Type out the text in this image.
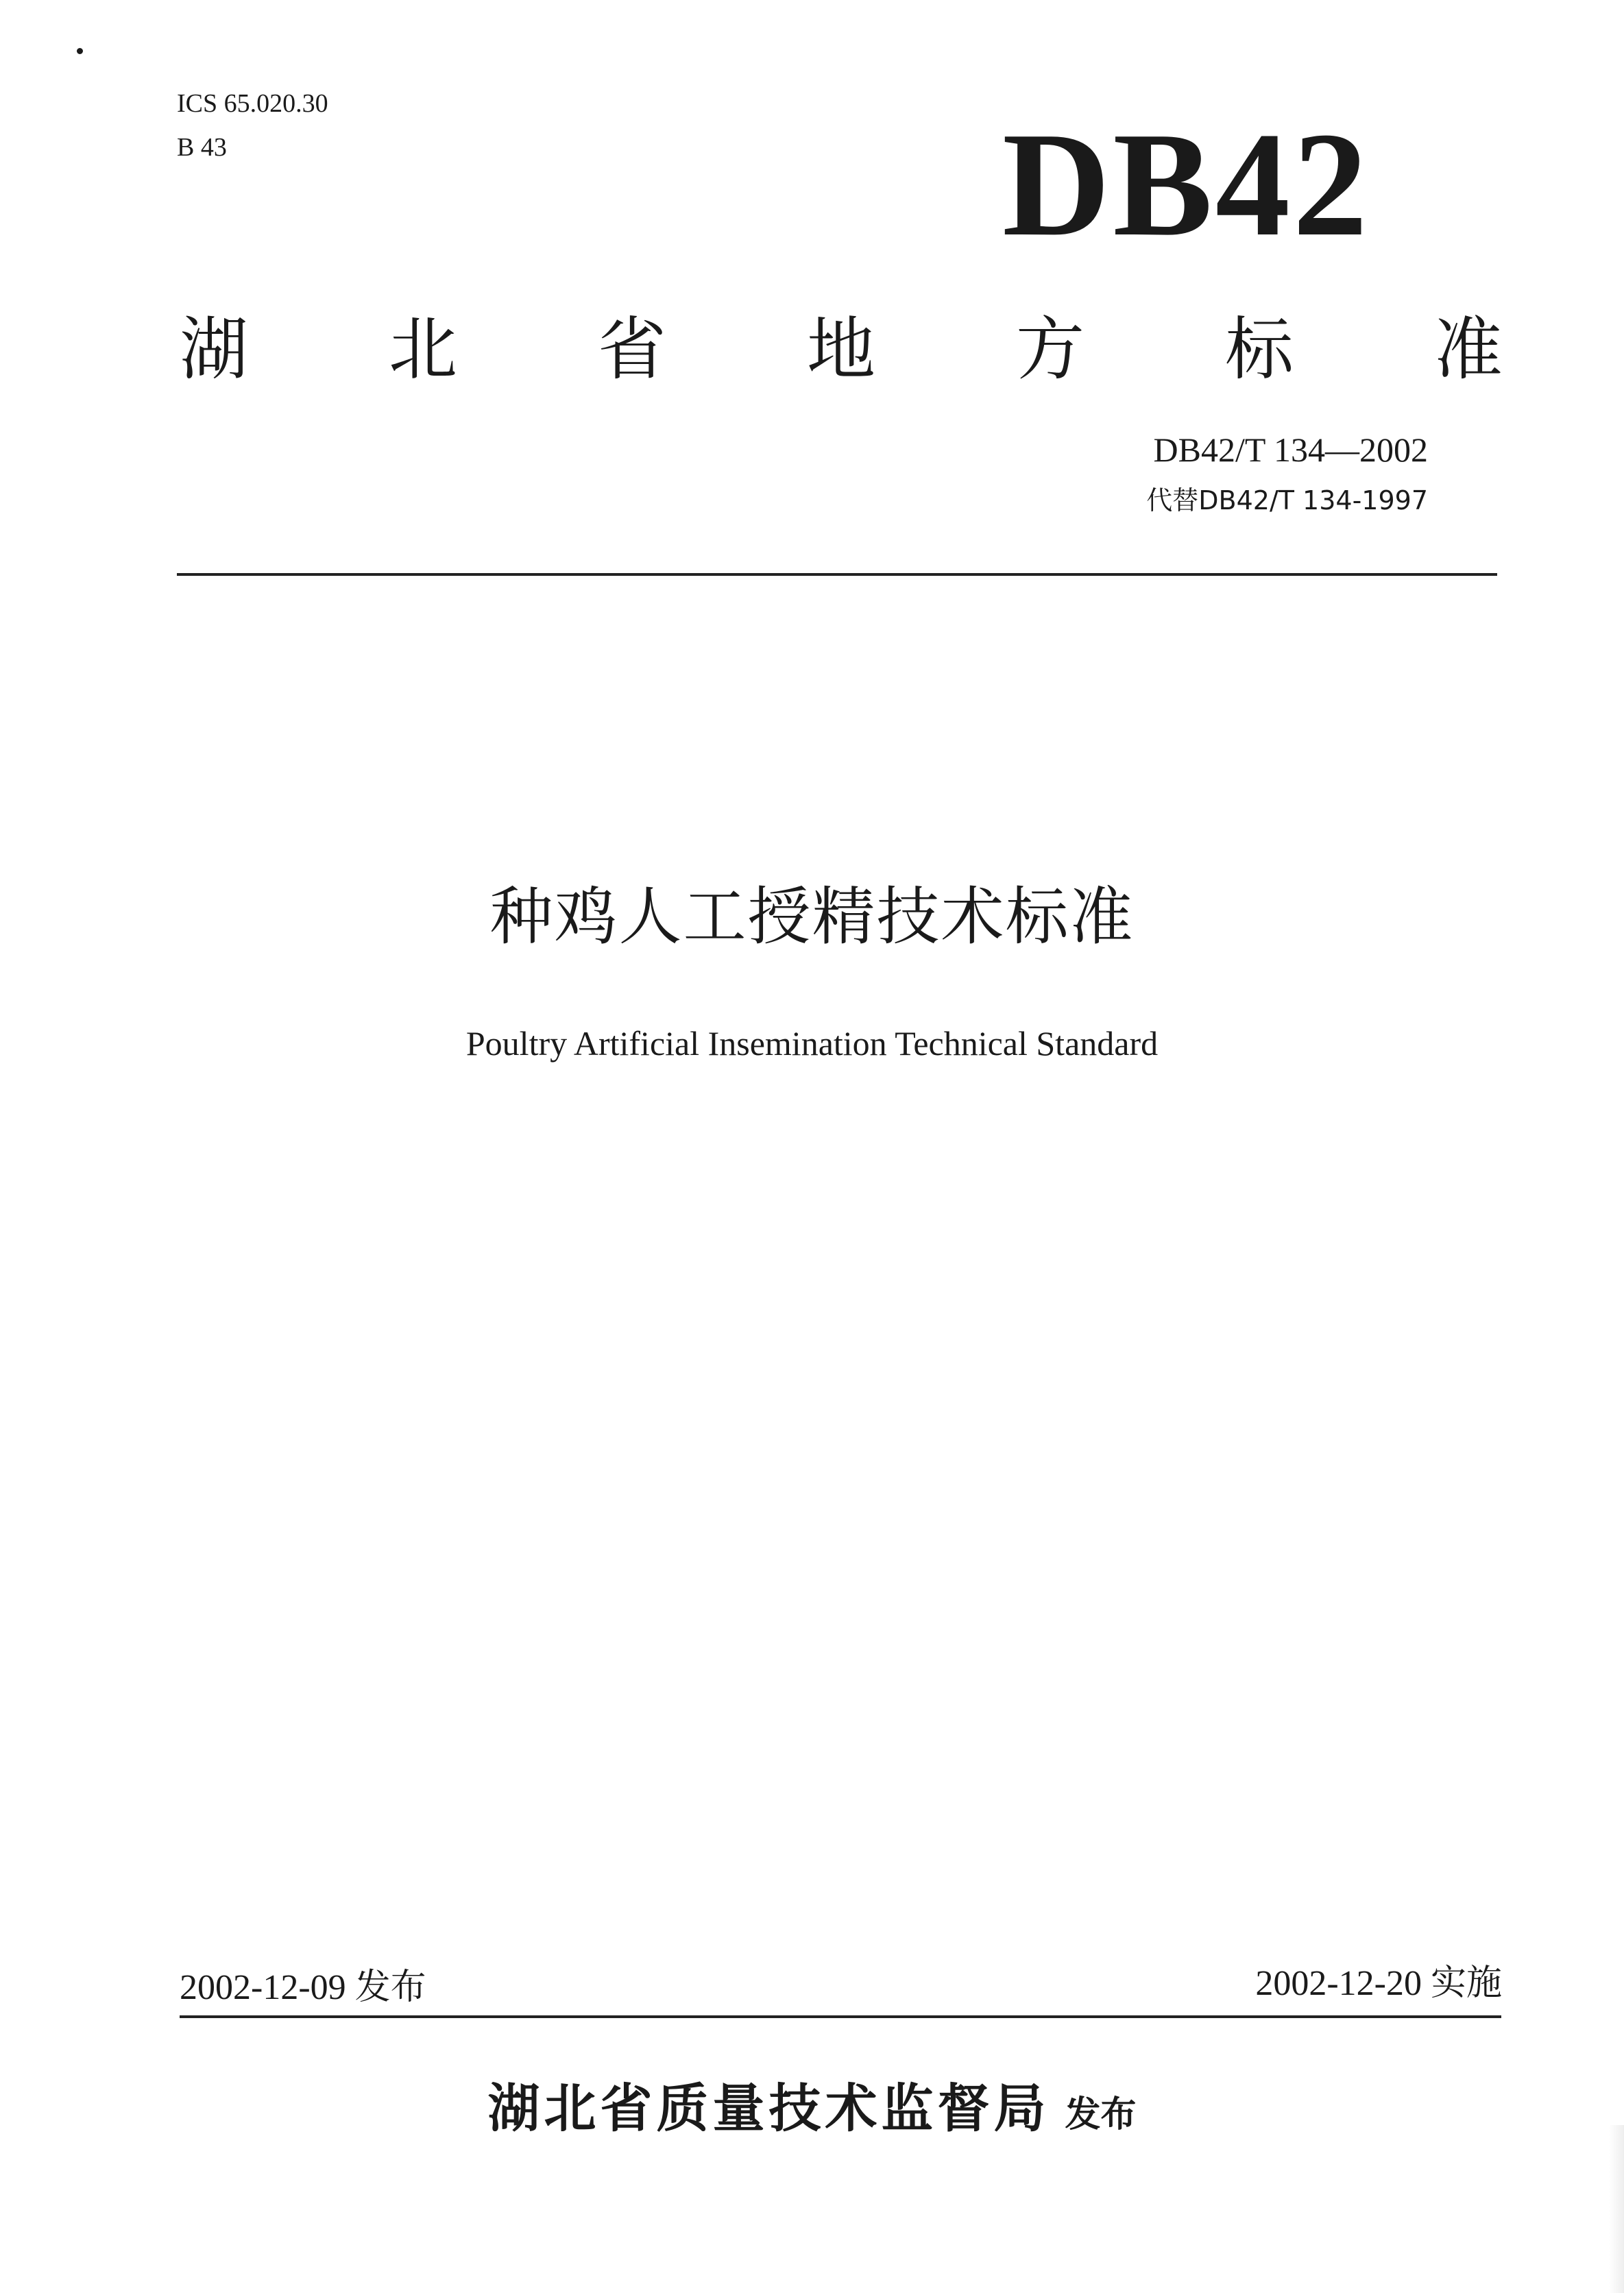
ICS 65.020.30
B 43	DB42
湖 北 省 地 方 标 准
DB42/T 134—2002
代替DB42/T 134-1997
种鸡人工授精技术标准
Poultry Artificial Insemination Technical Standard
2002-12-09 发布	2002-12-20 实施
湖北省质量技术监督局 发布
